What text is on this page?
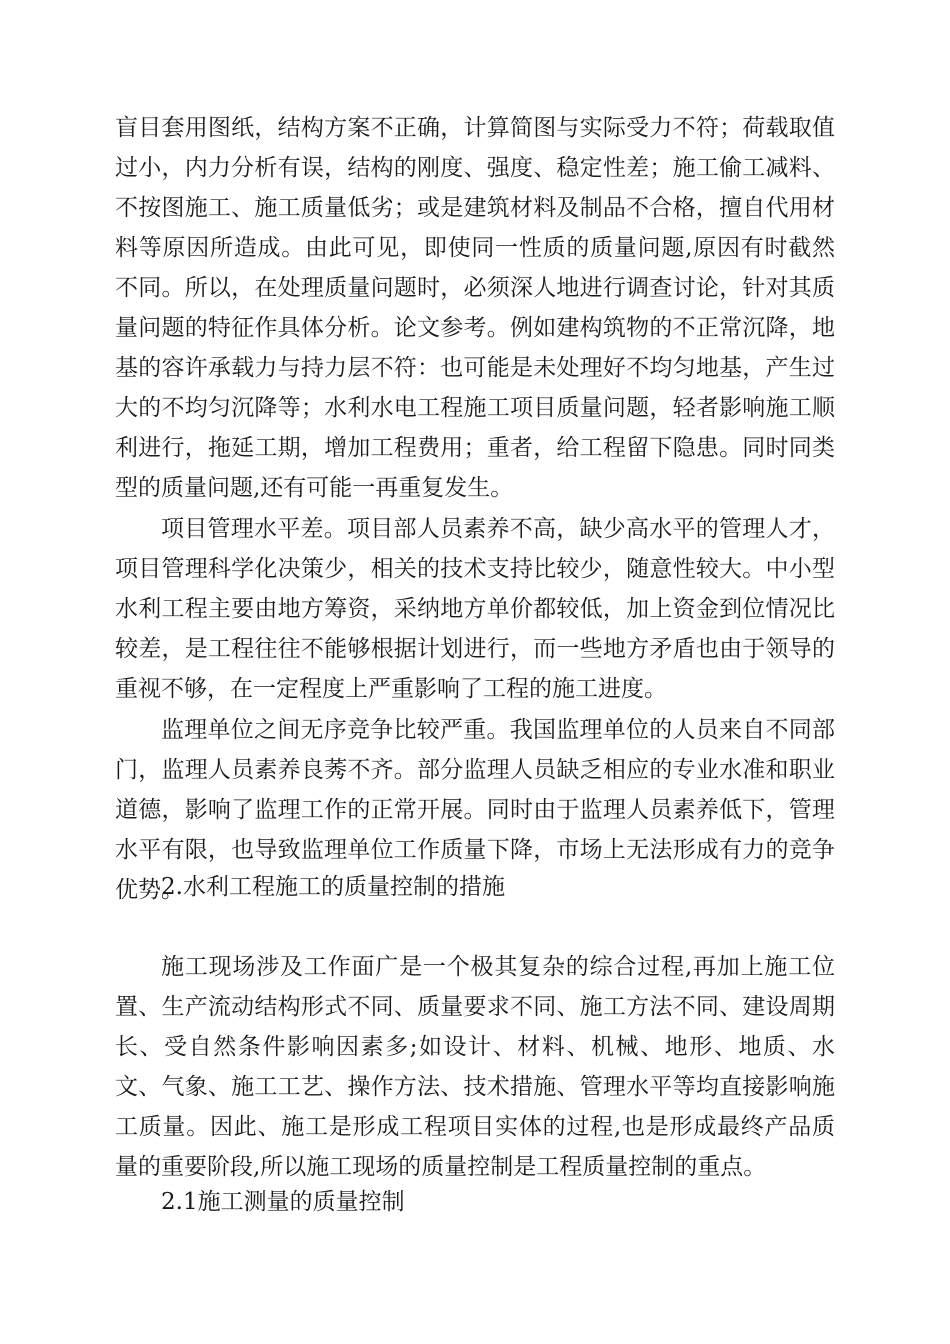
盲目套用图纸，结构方案不正确，计算简图与实际受力不符；荷载取值过小，内力分析有误，结构的刚度、强度、稳定性差；施工偷工减料、不按图施工、施工质量低劣；或是建筑材料及制品不合格，擅自代用材料等原因所造成。由此可见，即使同一性质的质量问题,原因有时截然不同。所以，在处理质量问题时，必须深人地进行调查讨论，针对其质量问题的特征作具体分析。论文参考。例如建构筑物的不正常沉降，地基的容许承载力与持力层不符：也可能是未处理好不均匀地基，产生过大的不均匀沉降等；水利水电工程施工项目质量问题，轻者影响施工顺利进行，拖延工期，增加工程费用；重者，给工程留下隐患。同时同类型的质量问题,还有可能一再重复发生。

项目管理水平差。项目部人员素养不高，缺少高水平的管理人才，项目管理科学化决策少，相关的技术支持比较少，随意性较大。中小型水利工程主要由地方筹资，采纳地方单价都较低，加上资金到位情况比较差，是工程往往不能够根据计划进行，而一些地方矛盾也由于领导的重视不够，在一定程度上严重影响了工程的施工进度。

监理单位之间无序竞争比较严重。我国监理单位的人员来自不同部门，监理人员素养良莠不齐。部分监理人员缺乏相应的专业水准和职业道德，影响了监理工作的正常开展。同时由于监理人员素养低下，管理水平有限，也导致监理单位工作质量下降，市场上无法形成有力的竞争优势。

2.水利工程施工的质量控制的措施

施工现场涉及工作面广是一个极其复杂的综合过程,再加上施工位置、生产流动结构形式不同、质量要求不同、施工方法不同、建设周期长、受自然条件影响因素多;如设计、材料、机械、地形、地质、水文、气象、施工工艺、操作方法、技术措施、管理水平等均直接影响施工质量。因此、施工是形成工程项目实体的过程,也是形成最终产品质量的重要阶段,所以施工现场的质量控制是工程质量控制的重点。

2.1施工测量的质量控制
